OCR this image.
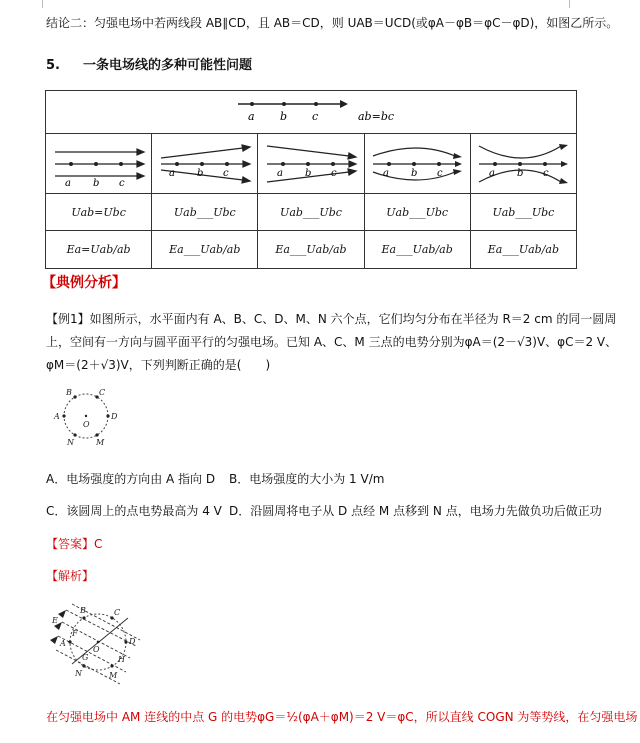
结论二：匀强电场中若两线段 AB∥CD，且 AB＝CD，则 UAB＝UCD(或φA－φB＝φC－φD)，如图乙所示。
5. 一条电场线的多种可能性问题
a b c ab=bc				

a b c	a b c	a b c	a b c	a b c

Uab=Ubc	Uab___Ubc	Uab___Ubc	Uab___Ubc	Uab___Ubc
Ea=Uab/ab	Ea___Uab/ab	Ea___Uab/ab	Ea___Uab/ab	Ea___Uab/ab
【典例分析】
【例1】如图所示，水平面内有 A、B、C、D、M、N 六个点，它们均匀分布在半径为 R＝2 cm 的同一圆周
上，空间有一方向与圆平面平行的匀强电场。已知 A、C、M 三点的电势分别为φA＝(2－√3)V、φC＝2 V、
φM＝(2＋√3)V，下列判断正确的是(　　)
B	C
A
O
D
N	M
A．电场强度的方向由 A 指向 D B．电场强度的大小为 1 V/m
C．该圆周上的点电势最高为 4 V D．沿圆周将电子从 D 点经 M 点移到 N 点，电场力先做负功后做正功
【答案】C
【解析】
E
B	C
A
F
O
D
G	H
N	M
在匀强电场中 AM 连线的中点 G 的电势φG＝½(φA＋φM)＝2 V＝φC，所以直线 COGN 为等势线，在匀强电场
